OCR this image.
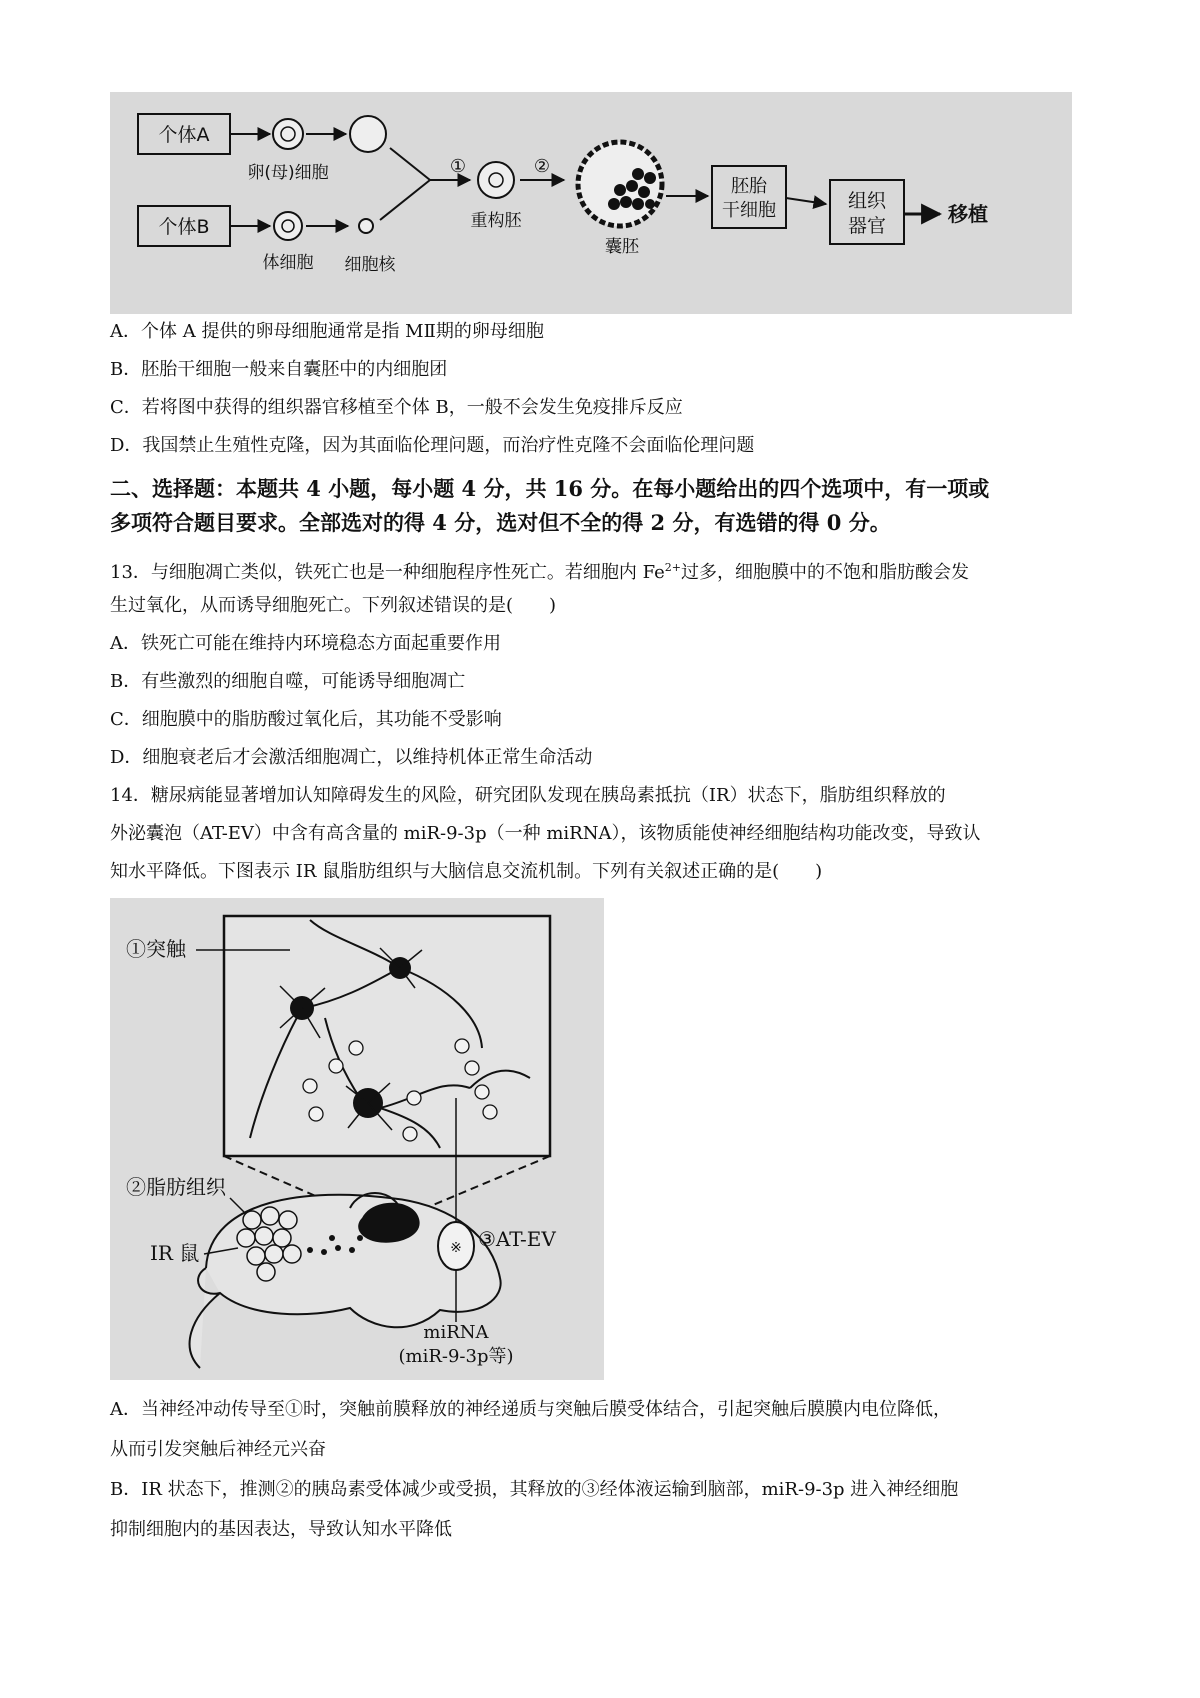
个体A
个体B
卵(母)细胞
体细胞 细胞核
①
重构胚
②
囊胚
胚胎
干细胞	组织
器官	移植
A．个体 A 提供的卵母细胞通常是指 MⅡ期的卵母细胞
B．胚胎干细胞一般来自囊胚中的内细胞团
C．若将图中获得的组织器官移植至个体 B，一般不会发生免疫排斥反应
D．我国禁止生殖性克隆，因为其面临伦理问题，而治疗性克隆不会面临伦理问题
二、选择题：本题共 4 小题，每小题 4 分，共 16 分。在每小题给出的四个选项中，有一项或
多项符合题目要求。全部选对的得 4 分，选对但不全的得 2 分，有选错的得 0 分。
13．与细胞凋亡类似，铁死亡也是一种细胞程序性死亡。若细胞内 $Fe^{2+}$过多，细胞膜中的不饱和脂肪酸会发
生过氧化，从而诱导细胞死亡。下列叙述错误的是(　　)
A．铁死亡可能在维持内环境稳态方面起重要作用
B．有些激烈的细胞自噬，可能诱导细胞凋亡
C．细胞膜中的脂肪酸过氧化后，其功能不受影响
D．细胞衰老后才会激活细胞凋亡，以维持机体正常生命活动
14．糖尿病能显著增加认知障碍发生的风险，研究团队发现在胰岛素抵抗（IR）状态下，脂肪组织释放的
外泌囊泡（AT-EV）中含有高含量的 miR-9-3p（一种 miRNA），该物质能使神经细胞结构功能改变，导致认
知水平降低。下图表示 IR 鼠脂肪组织与大脑信息交流机制。下列有关叙述正确的是(　　)
①突触
②脂肪组织
IR 鼠	※ ③AT-EV
miRNA
(miR-9-3p等)
A．当神经冲动传导至①时，突触前膜释放的神经递质与突触后膜受体结合，引起突触后膜膜内电位降低，
从而引发突触后神经元兴奋
B．IR 状态下，推测②的胰岛素受体减少或受损，其释放的③经体液运输到脑部，miR-9-3p 进入神经细胞
抑制细胞内的基因表达，导致认知水平降低
